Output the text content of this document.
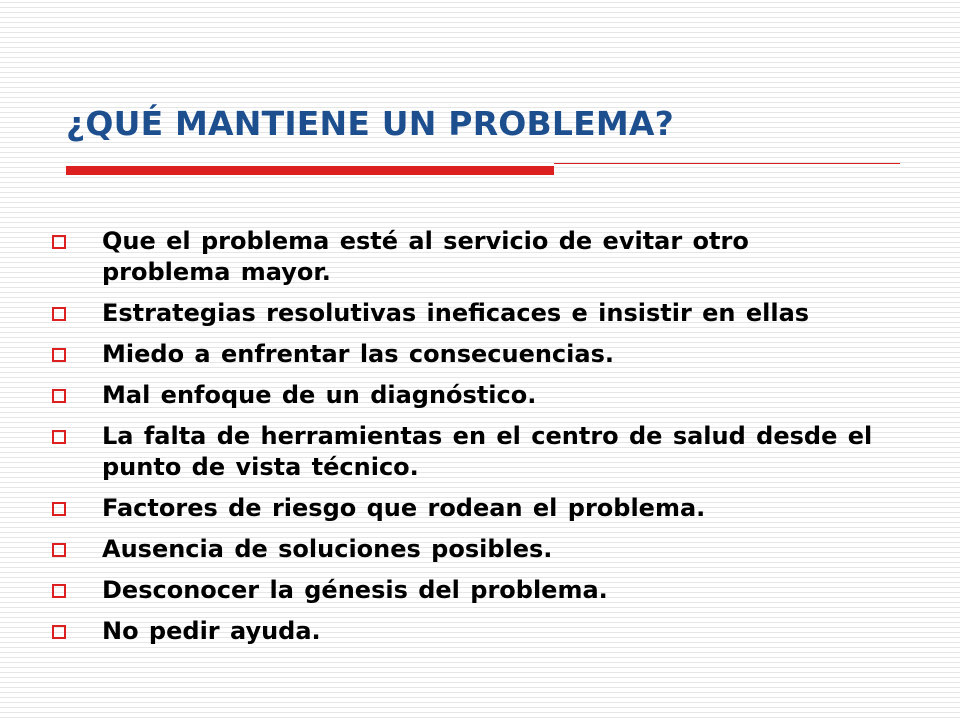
¿QUÉ MANTIENE UN PROBLEMA?
Que el problema esté al servicio de evitar otro problema mayor.
Estrategias resolutivas ineficaces e insistir en ellas
Miedo a enfrentar las consecuencias.
Mal enfoque de un diagnóstico.
La falta de herramientas en el centro de salud desde el punto de vista técnico.
Factores de riesgo que rodean el problema.
Ausencia de soluciones posibles.
Desconocer la génesis del problema.
No pedir ayuda.
